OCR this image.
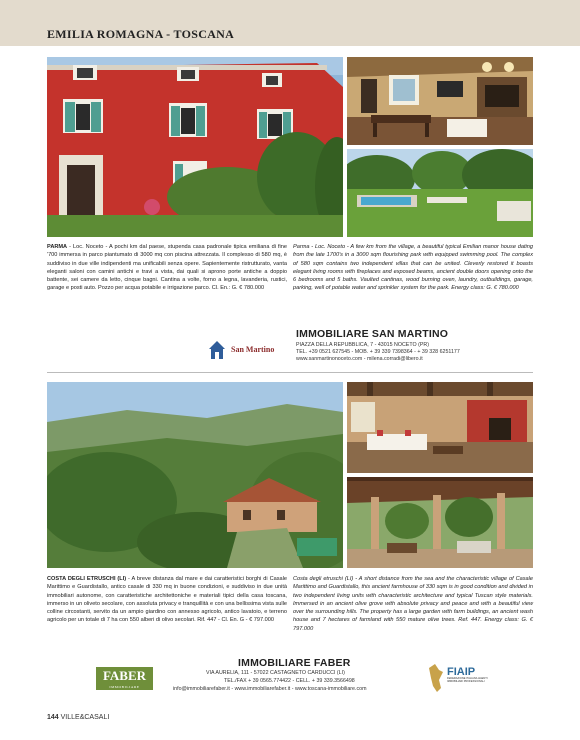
EMILIA ROMAGNA - TOSCANA
PARMA - Loc. Noceto - A pochi km dal paese, stupenda casa padronale tipica emiliana di fine '700 immersa in parco piantumato di 3000 mq con piscina attrezzata. Il complesso di 580 mq, è suddiviso in due ville indipendenti ma unificabili senza opere. Sapientemente ristrutturato, vanta eleganti saloni con camini antichi e travi a vista, dai quali si aprono porte antiche a doppio battente, sei camere da letto, cinque bagni. Cantina a volte, forno a legna, lavanderia, rustici, garage e posti auto. Pozzo per acqua potabile e irrigazione parco. Cl. En.: G. € 780.000
Parma - Loc. Noceto - A few km from the village, a beautiful typical Emilian manor house dating from the late 1700's in a 3000 sqm flourishing park with equipped swimming pool. The complex of 580 sqm contains two independent villas that can be united. Cleverly restored it boasts elegant living rooms with fireplaces and exposed beams, ancient double doors opening onto the 6 bedrooms and 5 baths. Vaulted cantinas, wood burning oven, laundry, outbuildings, garage, parking, well of potable water and sprinkler system for the park. Energy class: G. € 780.000
San Martino
IMMOBILIARE SAN MARTINO
PIAZZA DELLA REPUBBLICA, 7 - 43015 NOCETO (PR)
TEL. +39 0521 627545 - MOB. + 39 339 7398364 - + 39 328 6251177
www.sanmartinonoceto.com - milena.corradi@libero.it
COSTA DEGLI ETRUSCHI (LI) - A breve distanza dal mare e dai caratteristici borghi di Casale Marittimo e Guardistallo, antico casale di 330 mq in buone condizioni, e suddiviso in due unità immobiliari autonome, con caratteristiche architettoniche e materiali tipici della casa toscana, immerso in un oliveto secolare, con assoluta privacy e tranquillità e con una bellissima vista sulle colline circostanti, servito da un ampio giardino con annesso agricolo, antico lavatoio, e terreno agricolo per un totale di 7 ha con 550 alberi di olivo secolari. Rif. 447 - Cl. En. G - € 797.000
Costa degli etruschi (LI) - A short distance from the sea and the characteristic village of Casale Marittimo and Guardistallo, this ancient farmhouse of 330 sqm is in good condition and divided in two independent living units with characteristic architecture and typical Tuscan style materials. Immersed in an ancient olive grove with absolute privacy and peace and with a beautiful view over the surrounding hills. The property has a large garden with farm buildings, an ancient wash house and 7 hectares of farmland with 550 mature olive trees. Ref. 447. Energy class: G. € 797.000
FABER
IMMOBILIARE
IMMOBILIARE FABER
VIA AURELIA, 111 - 57022 CASTAGNETO CARDUCCI (LI)
TEL./FAX + 39 0565.774422 - CELL. + 39 339.3566498
info@immobiliarefaber.it - www.immobiliarefaber.it - www.toscana-immobiliare.com
FIAIP
FEDERAZIONE ITALIANA AGENTI IMMOBILIARI PROFESSIONALI
144 VILLE&CASALI
